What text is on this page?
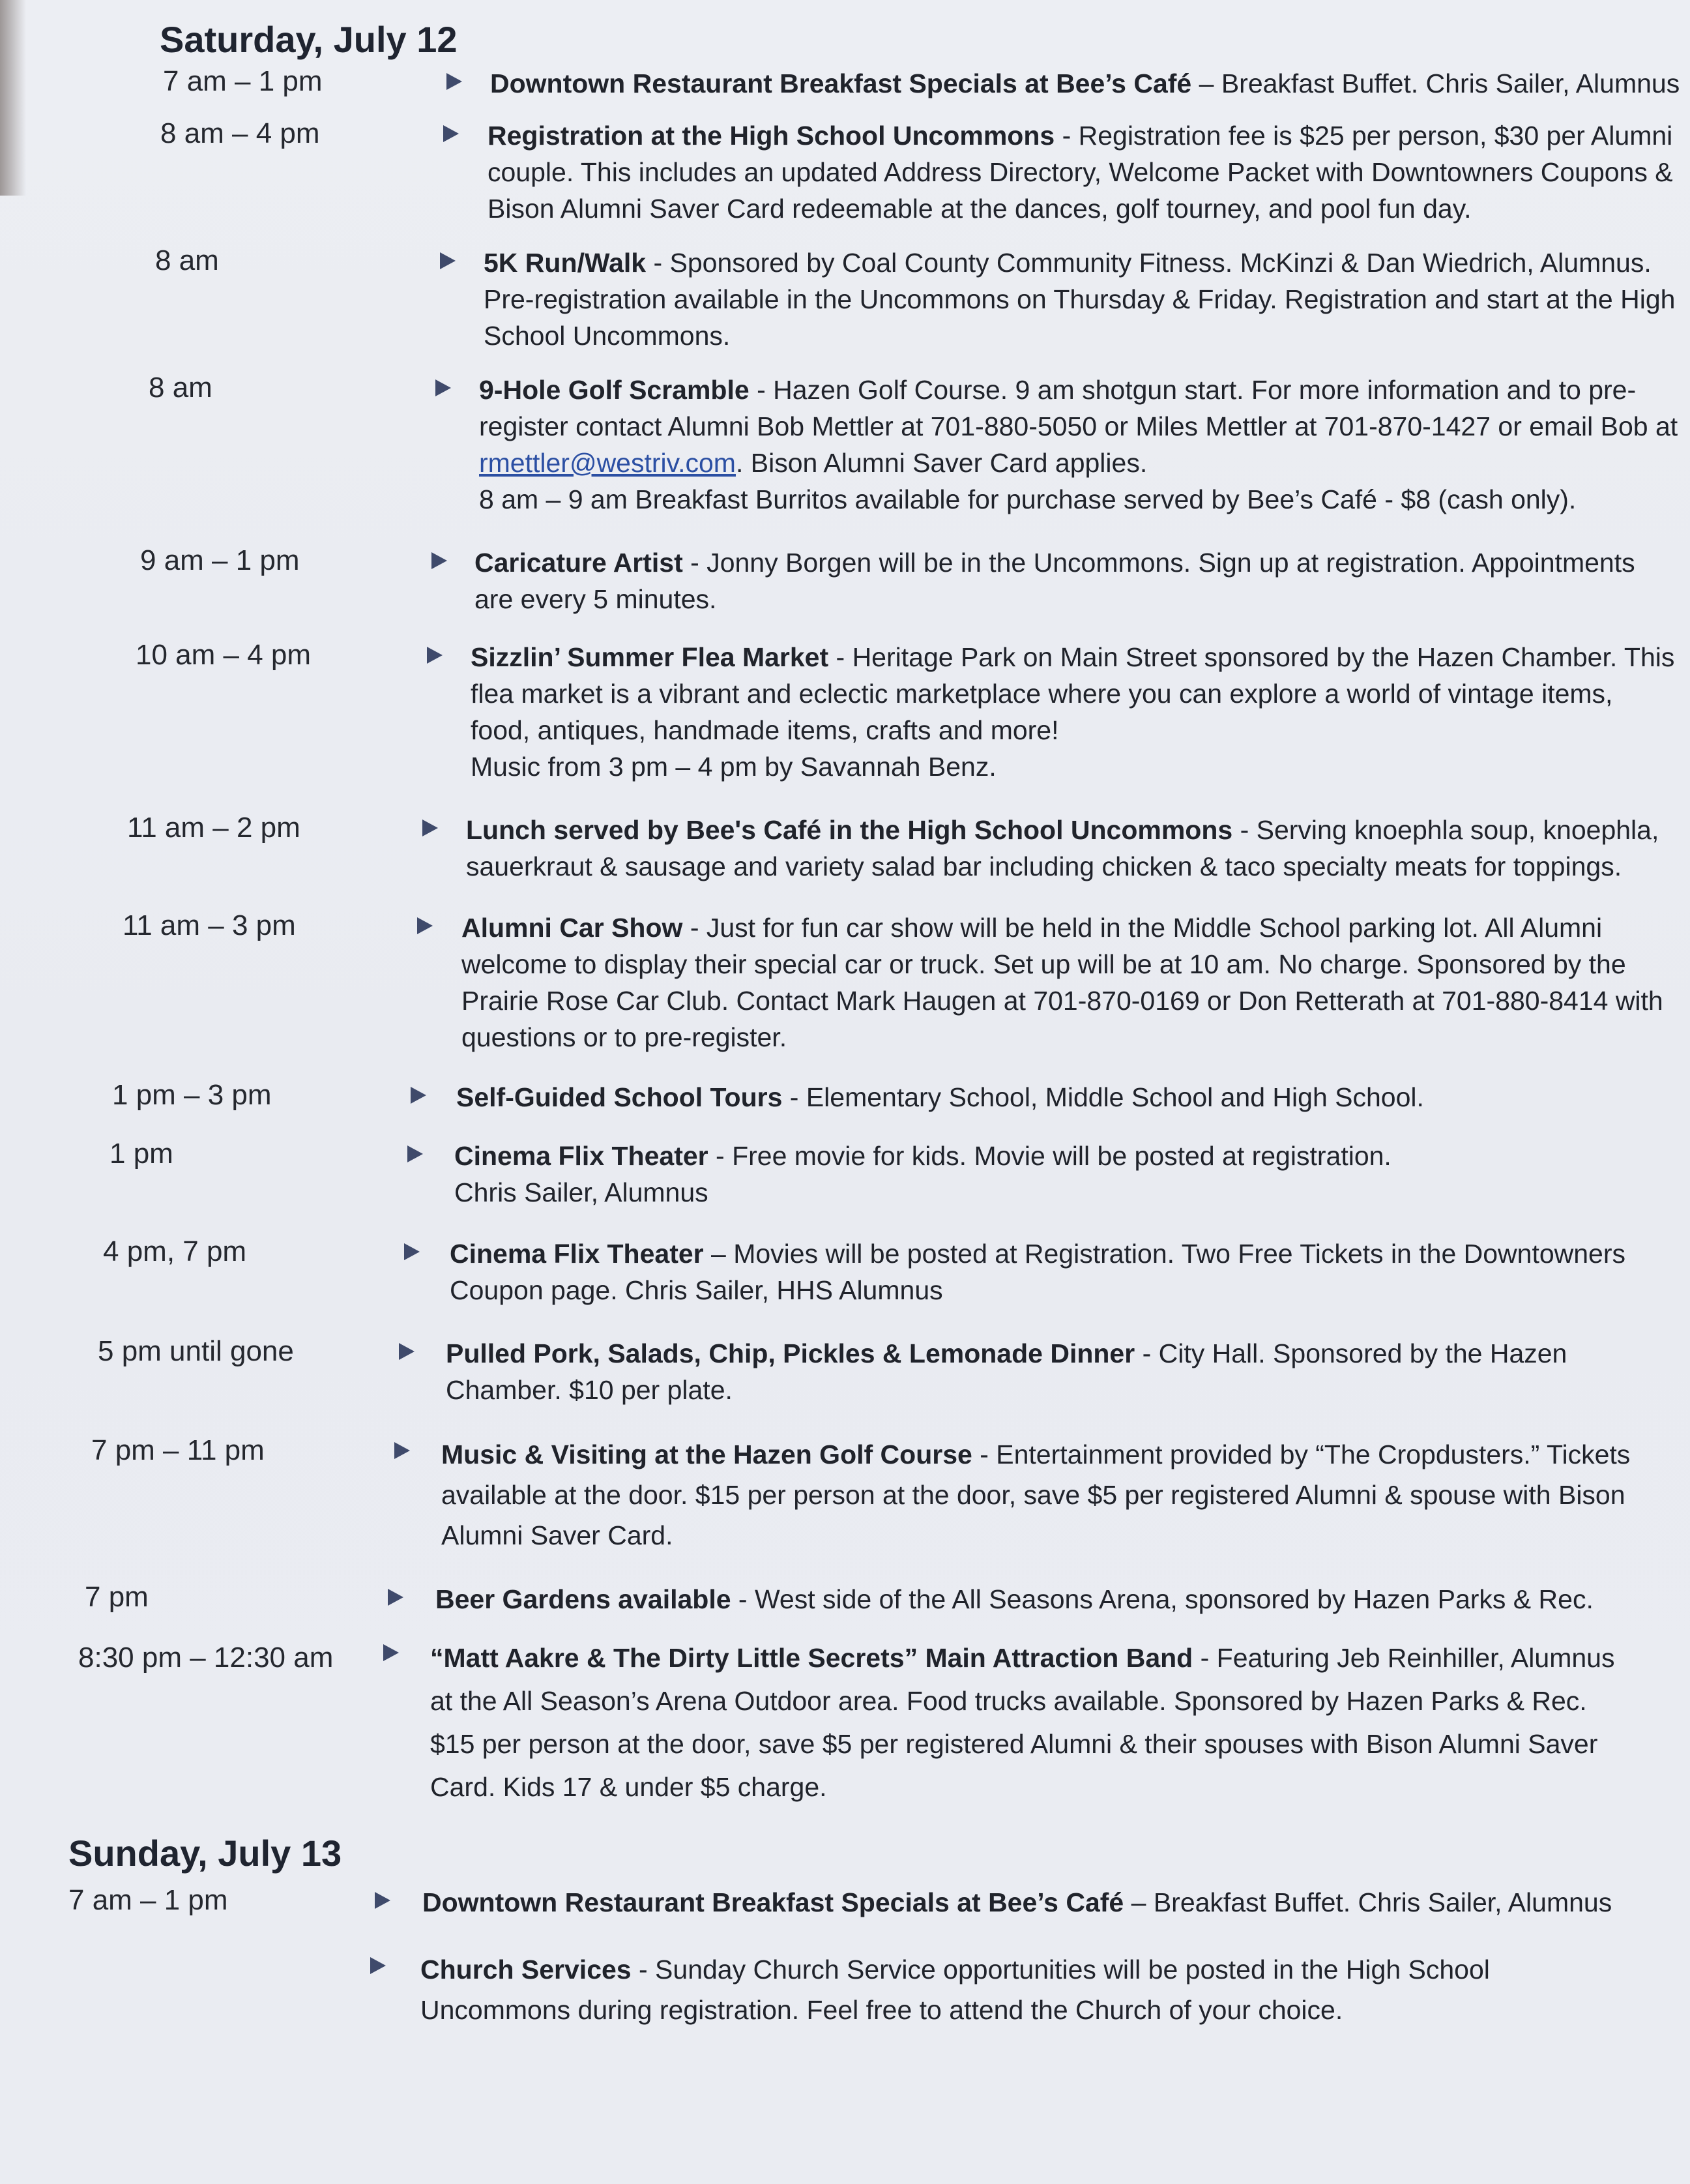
Saturday, July 12
7 am – 1 pm	Downtown Restaurant Breakfast Specials at Bee’s Café – Breakfast Buffet. Chris Sailer, Alumnus
8 am – 4 pm	Registration at the High School Uncommons - Registration fee is $25 per person, $30 per Alumni couple. This includes an updated Address Directory, Welcome Packet with Downtowners Coupons & Bison Alumni Saver Card redeemable at the dances, golf tourney, and pool fun day.
8 am	5K Run/Walk - Sponsored by Coal County Community Fitness. McKinzi & Dan Wiedrich, Alumnus. Pre-registration available in the Uncommons on Thursday & Friday. Registration and start at the High School Uncommons.
8 am	9-Hole Golf Scramble - Hazen Golf Course. 9 am shotgun start. For more information and to pre-register contact Alumni Bob Mettler at 701-880-5050 or Miles Mettler at 701-870-1427 or email Bob at rmettler@westriv.com. Bison Alumni Saver Card applies.
8 am – 9 am Breakfast Burritos available for purchase served by Bee’s Café - $8 (cash only).
9 am – 1 pm	Caricature Artist - Jonny Borgen will be in the Uncommons. Sign up at registration. Appointments are every 5 minutes.
10 am – 4 pm	Sizzlin’ Summer Flea Market - Heritage Park on Main Street sponsored by the Hazen Chamber. This flea market is a vibrant and eclectic marketplace where you can explore a world of vintage items, food, antiques, handmade items, crafts and more!
Music from 3 pm – 4 pm by Savannah Benz.
11 am – 2 pm	Lunch served by Bee's Café in the High School Uncommons - Serving knoephla soup, knoephla, sauerkraut & sausage and variety salad bar including chicken & taco specialty meats for toppings.
11 am – 3 pm	Alumni Car Show - Just for fun car show will be held in the Middle School parking lot. All Alumni welcome to display their special car or truck. Set up will be at 10 am. No charge. Sponsored by the Prairie Rose Car Club. Contact Mark Haugen at 701-870-0169 or Don Retterath at 701-880-8414 with questions or to pre-register.
1 pm – 3 pm	Self-Guided School Tours - Elementary School, Middle School and High School.
1 pm	Cinema Flix Theater - Free movie for kids. Movie will be posted at registration.
Chris Sailer, Alumnus
4 pm, 7 pm	Cinema Flix Theater – Movies will be posted at Registration. Two Free Tickets in the Downtowners Coupon page. Chris Sailer, HHS Alumnus
5 pm until gone	Pulled Pork, Salads, Chip, Pickles & Lemonade Dinner - City Hall. Sponsored by the Hazen Chamber. $10 per plate.
7 pm – 11 pm	Music & Visiting at the Hazen Golf Course - Entertainment provided by “The Cropdusters.” Tickets available at the door. $15 per person at the door, save $5 per registered Alumni & spouse with Bison Alumni Saver Card.
7 pm	Beer Gardens available - West side of the All Seasons Arena, sponsored by Hazen Parks & Rec.
8:30 pm – 12:30 am	“Matt Aakre & The Dirty Little Secrets” Main Attraction Band - Featuring Jeb Reinhiller, Alumnus at the All Season’s Arena Outdoor area. Food trucks available. Sponsored by Hazen Parks & Rec. $15 per person at the door, save $5 per registered Alumni & their spouses with Bison Alumni Saver Card. Kids 17 & under $5 charge.
Sunday, July 13
7 am – 1 pm	Downtown Restaurant Breakfast Specials at Bee’s Café – Breakfast Buffet. Chris Sailer, Alumnus
Church Services - Sunday Church Service opportunities will be posted in the High School Uncommons during registration. Feel free to attend the Church of your choice.
